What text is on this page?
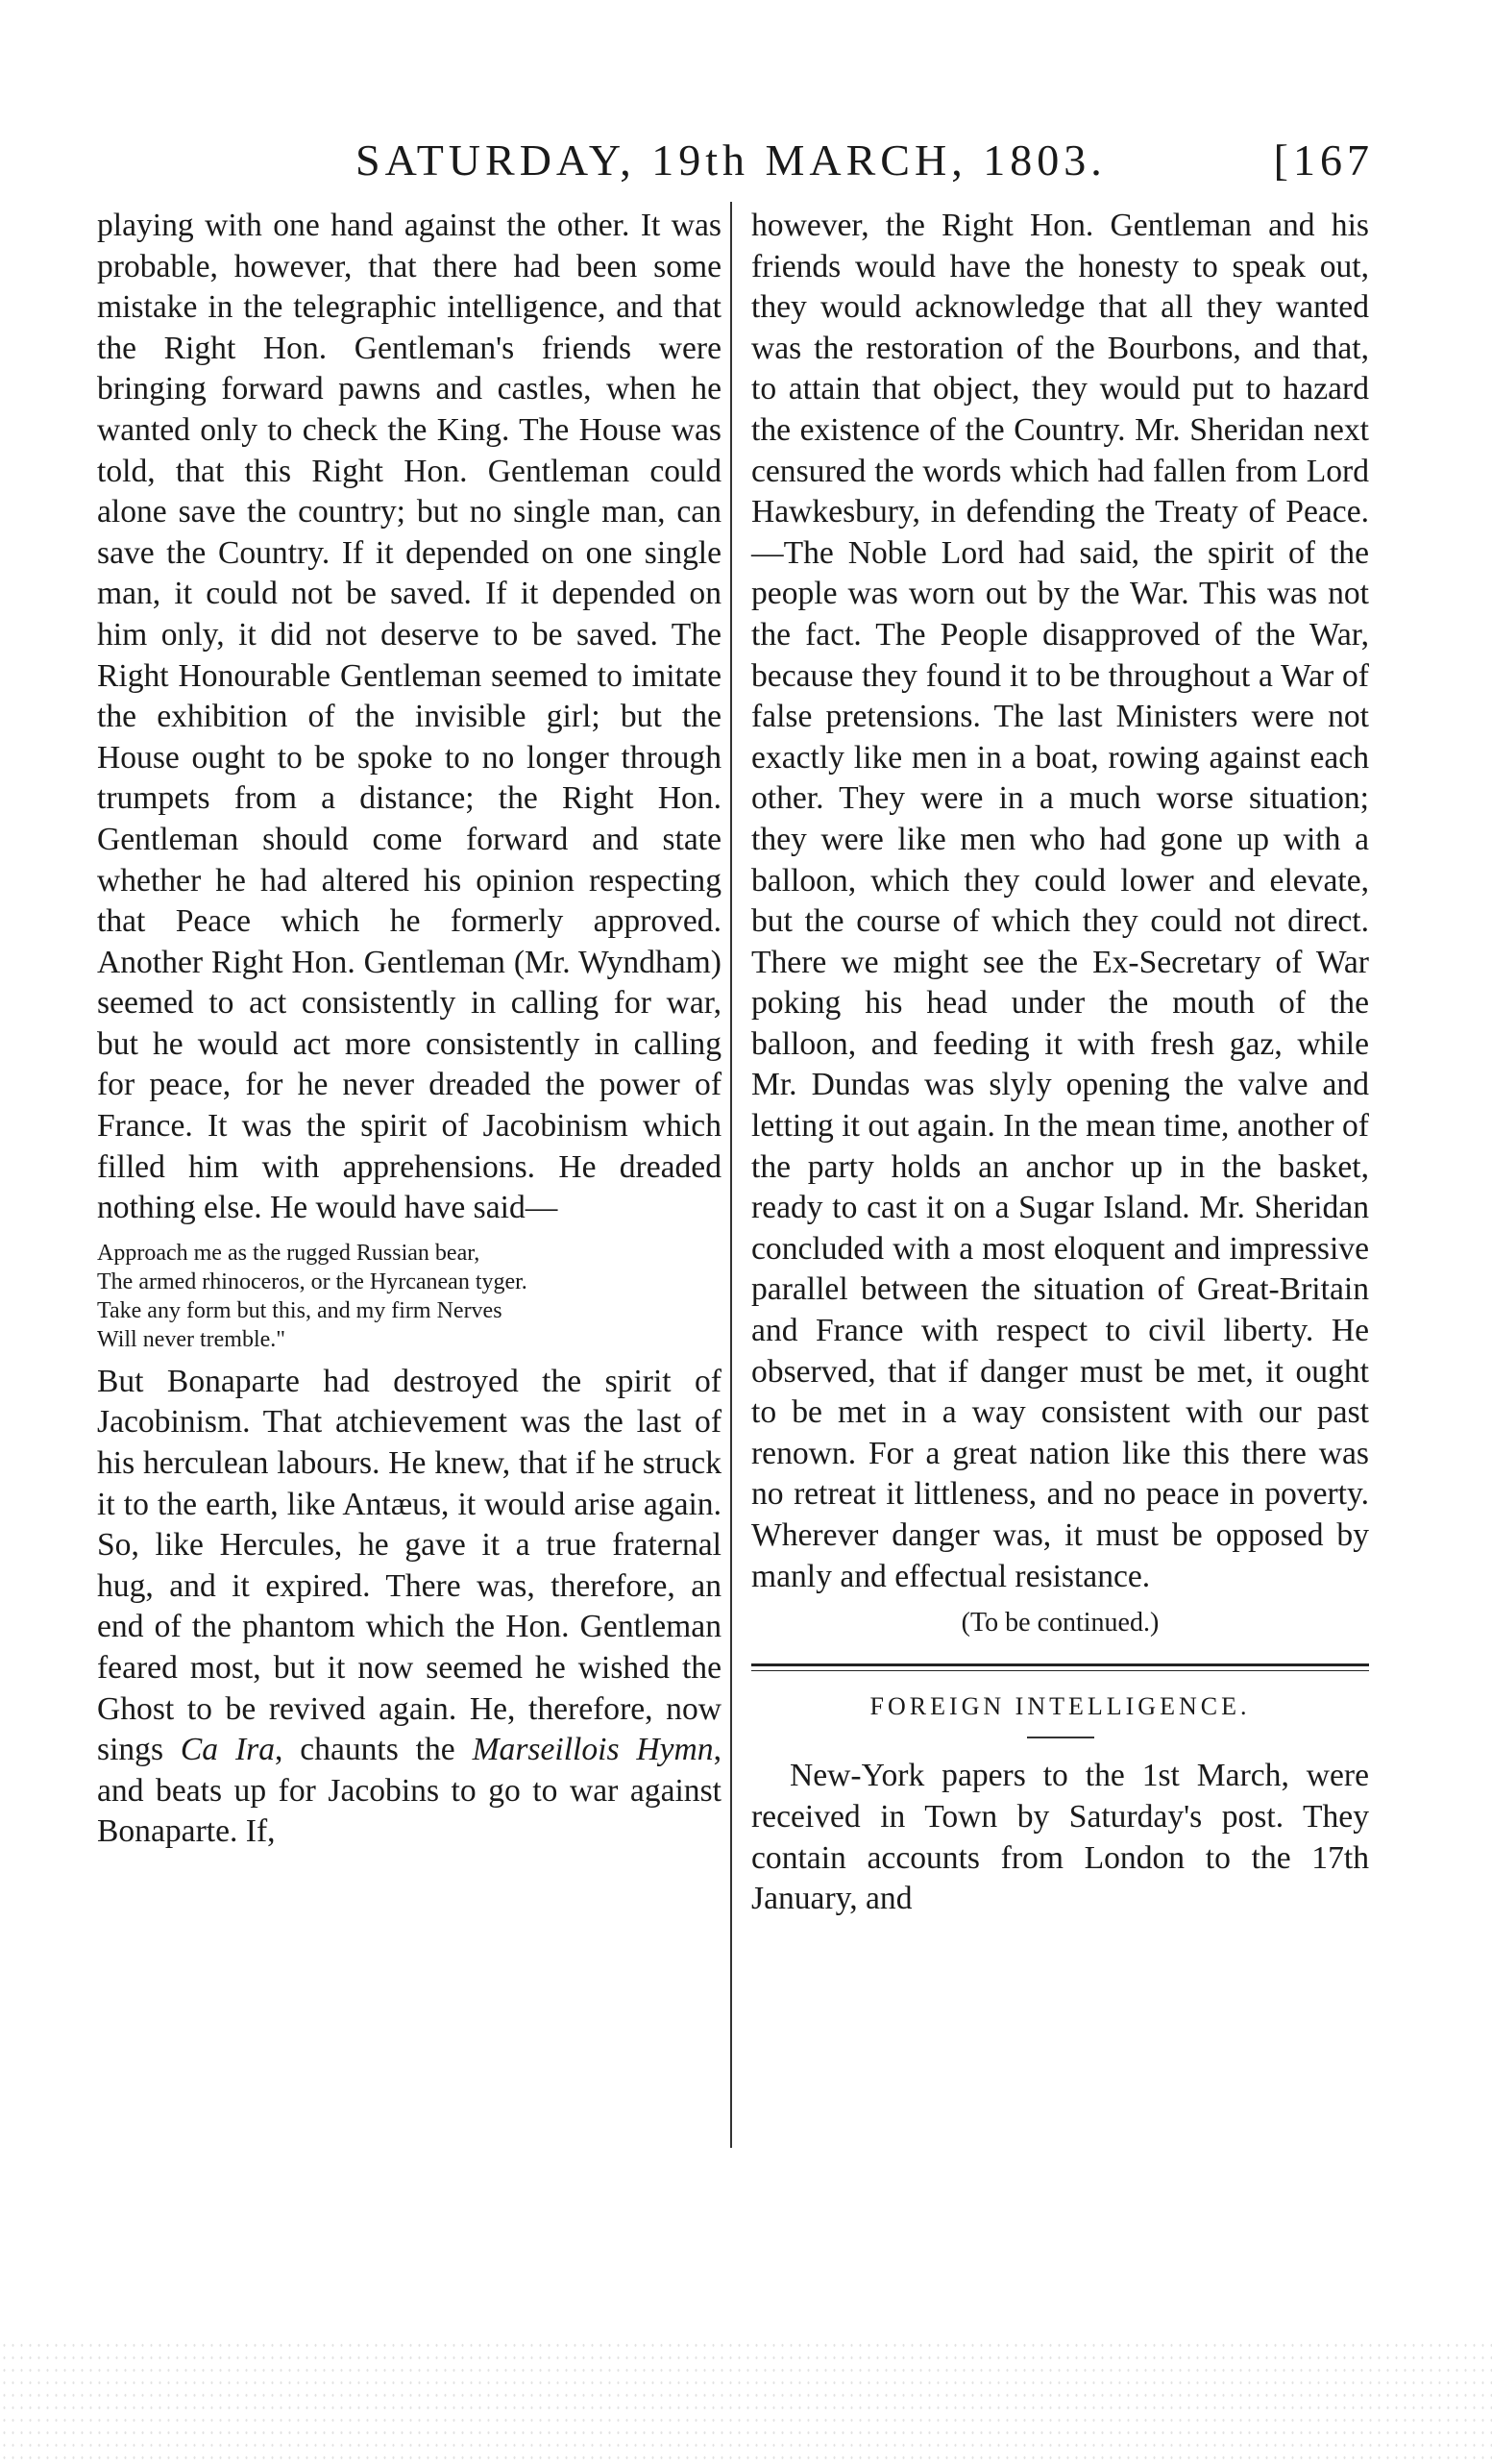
SATURDAY, 19th MARCH, 1803.	[167

playing with one hand against the other. It was probable, however, that there had been some mistake in the telegraphic intelligence, and that the Right Hon. Gentleman's friends were bringing forward pawns and castles, when he wanted only to check the King. The House was told, that this Right Hon. Gentleman could alone save the country; but no single man, can save the Country. If it depended on one single man, it could not be saved. If it depended on him only, it did not deserve to be saved. The Right Honourable Gentleman seemed to imitate the exhibition of the invisible girl; but the House ought to be spoke to no longer through trumpets from a distance; the Right Hon. Gentleman should come forward and state whether he had altered his opinion respecting that Peace which he formerly approved. Another Right Hon. Gentleman (Mr. Wyndham) seemed to act consistently in calling for war, but he would act more consistently in calling for peace, for he never dreaded the power of France. It was the spirit of Jacobinism which filled him with apprehensions. He dreaded nothing else. He would have said—

Approach me as the rugged Russian bear,
The armed rhinoceros, or the Hyrcanean tyger.
Take any form but this, and my firm Nerves
Will never tremble."

But Bonaparte had destroyed the spirit of Jacobinism. That atchievement was the last of his herculean labours. He knew, that if he struck it to the earth, like Antæus, it would arise again. So, like Hercules, he gave it a true fraternal hug, and it expired. There was, therefore, an end of the phantom which the Hon. Gentleman feared most, but it now seemed he wished the Ghost to be revived again. He, therefore, now sings Ca Ira, chaunts the Marseillois Hymn, and beats up for Jacobins to go to war against Bonaparte. If,

however, the Right Hon. Gentleman and his friends would have the honesty to speak out, they would acknowledge that all they wanted was the restoration of the Bourbons, and that, to attain that object, they would put to hazard the existence of the Country. Mr. Sheridan next censured the words which had fallen from Lord Hawkesbury, in defending the Treaty of Peace.—The Noble Lord had said, the spirit of the people was worn out by the War. This was not the fact. The People disapproved of the War, because they found it to be throughout a War of false pretensions. The last Ministers were not exactly like men in a boat, rowing against each other. They were in a much worse situation; they were like men who had gone up with a balloon, which they could lower and elevate, but the course of which they could not direct. There we might see the Ex-Secretary of War poking his head under the mouth of the balloon, and feeding it with fresh gaz, while Mr. Dundas was slyly opening the valve and letting it out again. In the mean time, another of the party holds an anchor up in the basket, ready to cast it on a Sugar Island. Mr. Sheridan concluded with a most eloquent and impressive parallel between the situation of Great-Britain and France with respect to civil liberty. He observed, that if danger must be met, it ought to be met in a way consistent with our past renown. For a great nation like this there was no retreat it littleness, and no peace in poverty. Wherever danger was, it must be opposed by manly and effectual resistance.

(To be continued.)
FOREIGN INTELLIGENCE.

New-York papers to the 1st March, were received in Town by Saturday's post. They contain accounts from London to the 17th January, and
